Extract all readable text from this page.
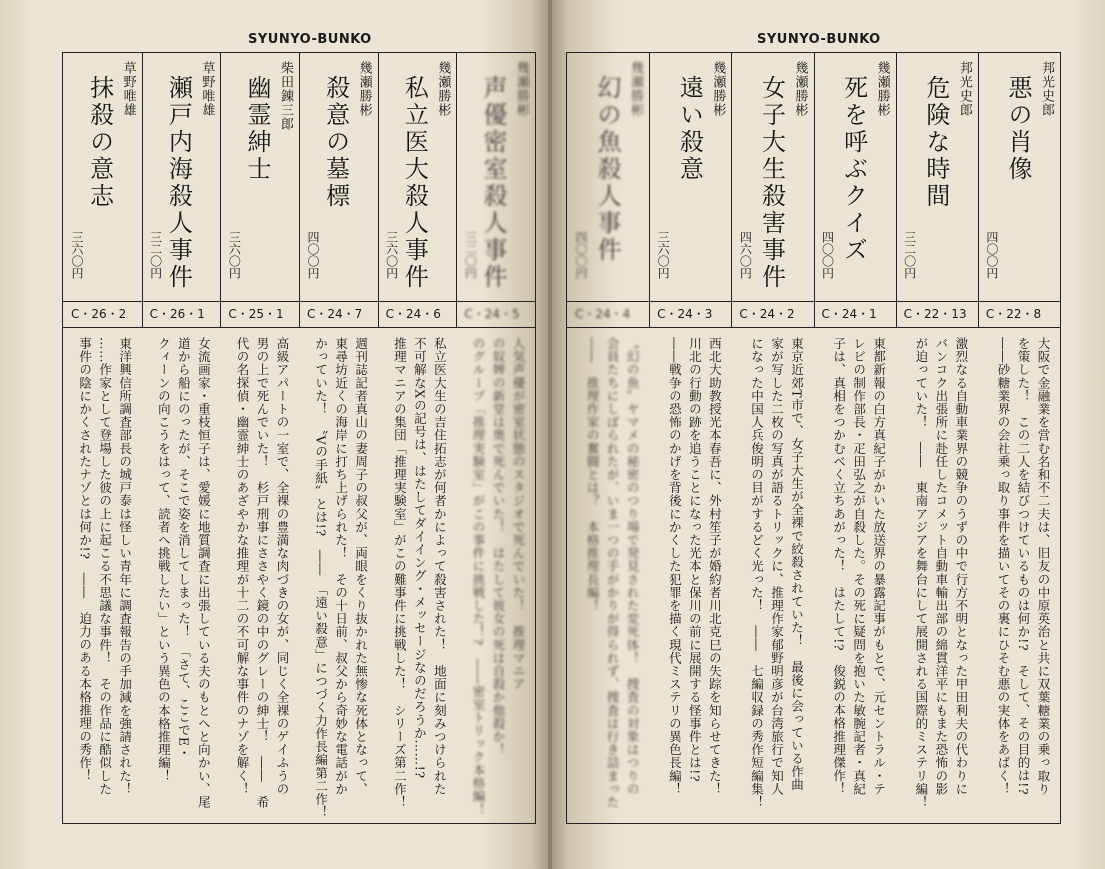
SYUNYO-BUNKO
草野唯雄
抹殺の意志
三六〇円
C・26・2
東洋興信所調査部長の城戸泰は怪しい青年に調査報告の手加減を強請された！
……作家として登場した彼の上に起こる不思議な事件！　その作品に酷似した
事件の陰にかくされたナゾとは何か!?　――　迫力のある本格推理の秀作！
草野唯雄
瀬戸内海殺人事件
三二〇円
C・26・1
女流画家・重枝恒子は、愛媛に地質調査に出張している夫のもとへと向かい、尾
道から船にのったが、そこで姿を消してしまった！　「さて、ここでE・
クィーンの向こうをはって、読者へ挑戦したい」という異色の本格推理編！
柴田錬三郎
幽霊紳士
三六〇円
C・25・1
高級アパートの一室で、全裸の豊満な肉づきの女が、同じく全裸のゲイふうの
男の上で死んでいた！　杉戸刑事にささやく鏡の中のグレーの紳士！　――　希
代の名探偵・幽霊紳士のあざやかな推理が十二の不可解な事件のナゾを解く！
幾瀬勝彬
殺意の墓標
四〇〇円
C・24・7
週刊誌記者真山の妻周子の叔父が、両眼をくり抜かれた無惨な死体となって、
東尋坊近くの海岸に打ち上げられた！　その十日前、叔父から奇妙な電話がか
かっていた！　〝Vの手紙〟とは!?　――　「遠い殺意」につづく力作長編第二作！
幾瀬勝彬
私立医大殺人事件
三六〇円
C・24・6
私立医大生の吉住拓志が何者かによって殺害された！　地面に刻みつけられた
不可解なXの記号は、はたしてダイイング・メッセージなのだろうか……!?
推理マニアの集団「推理実験室」がこの難事件に挑戦した！　シリーズ第二作！
幾瀬勝彬
声優密室殺人事件
三二〇円
C・24・5
人気声優が密室状態のスタジオで死んでいた！　推理マニア
の奴婢の新堂は奥で死んでいた！　はたして彼女の死は自殺か他殺か！
のグループ「推理実験室」がこの事件に挑戦した！?　――密室トリック本格編！
SYUNYO-BUNKO
幾瀬勝彬
幻の魚殺人事件
四〇〇円
C・24・4
〝幻の魚〟ヤマメの秘密のつり場で発見された変死体！　捜査の対象はつりの
会員たちにしぼられたが、いま一つの手がかりが得られず、捜査は行き詰まった
――　推理作家の奮闘とは？　本格推理長編！
幾瀬勝彬
遠い殺意
三六〇円
C・24・3
西北大助教授光本春吾に、外村笙子が婚約者川北克巳の失踪を知らせてきた！
川北の行動の跡を追うことになった光本と保川の前に展開する怪事件とは!?
――戦争の恐怖のかげを背後にかくした犯罪を描く現代ミステリの異色長編！
幾瀬勝彬
女子大生殺害事件
四六〇円
C・24・2
東京近郊T市で、女子大生が全裸で絞殺されていた！　最後に会っている作曲
家が写した二枚の写真が語るトリックに、推理作家郁野明彦が台湾旅行で知人
になった中国人兵俊明の目がするどく光った！　――　七編収録の秀作短編集！
幾瀬勝彬
死を呼ぶクイズ
四〇〇円
C・24・1
東都新報の白方真紀子がかいた放送界の暴露記事がもとで、元セントラル・テ
レビの制作部長・疋田弘之が自殺した。その死に疑問を抱いた敏腕記者・真紀
子は、真相をつかむべく立ちあがった！　はたして!?　俊鋭の本格推理傑作！
邦光史郎
危険な時間
三二〇円
C・22・13
激烈なる自動車業界の競争のうずの中で行方不明となった甲田利夫の代わりに
バンコク出張所に赴任したコメット自動車輸出部の綿貫洋平にもまた恐怖の影
が迫っていた！　――　東南アジアを舞台にして展開される国際的ミステリ編！
邦光史郎
悪の肖像
四〇〇円
C・22・8
大阪で金融業を営む名和不二夫は、旧友の中原英治と共に双葉糖業の乗っ取り
を策した！　この二人を結びつけているものは何か!?　そして、その目的は!?
――砂糖業界の会社乗っ取り事件を描いてその裏にひそむ悪の実体をあばく！
